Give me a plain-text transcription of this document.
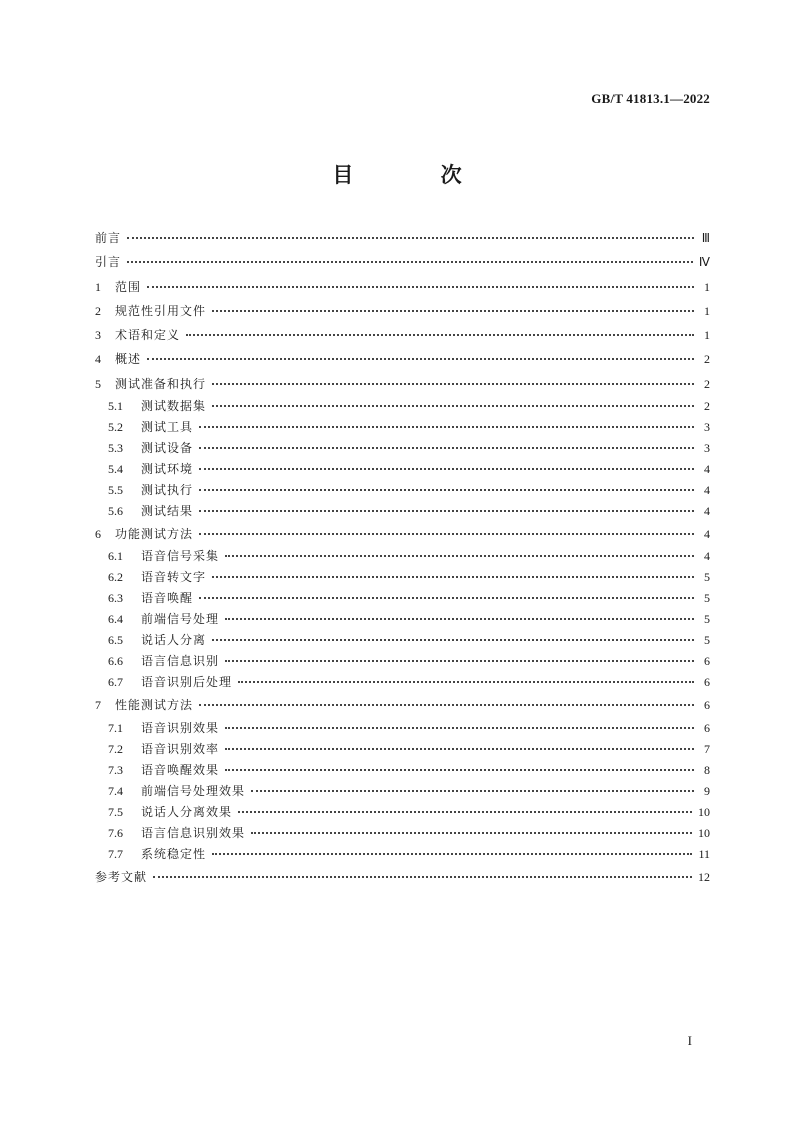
GB/T 41813.1—2022
目 次
前言	Ⅲ
引言	Ⅳ
1	范围	1
2	规范性引用文件	1
3	术语和定义	1
4	概述	2
5	测试准备和执行	2
5.1	测试数据集	2
5.2	测试工具	3
5.3	测试设备	3
5.4	测试环境	4
5.5	测试执行	4
5.6	测试结果	4
6	功能测试方法	4
6.1	语音信号采集	4
6.2	语音转文字	5
6.3	语音唤醒	5
6.4	前端信号处理	5
6.5	说话人分离	5
6.6	语言信息识别	6
6.7	语音识别后处理	6
7	性能测试方法	6
7.1	语音识别效果	6
7.2	语音识别效率	7
7.3	语音唤醒效果	8
7.4	前端信号处理效果	9
7.5	说话人分离效果	10
7.6	语言信息识别效果	10
7.7	系统稳定性	11
参考文献	12
I
